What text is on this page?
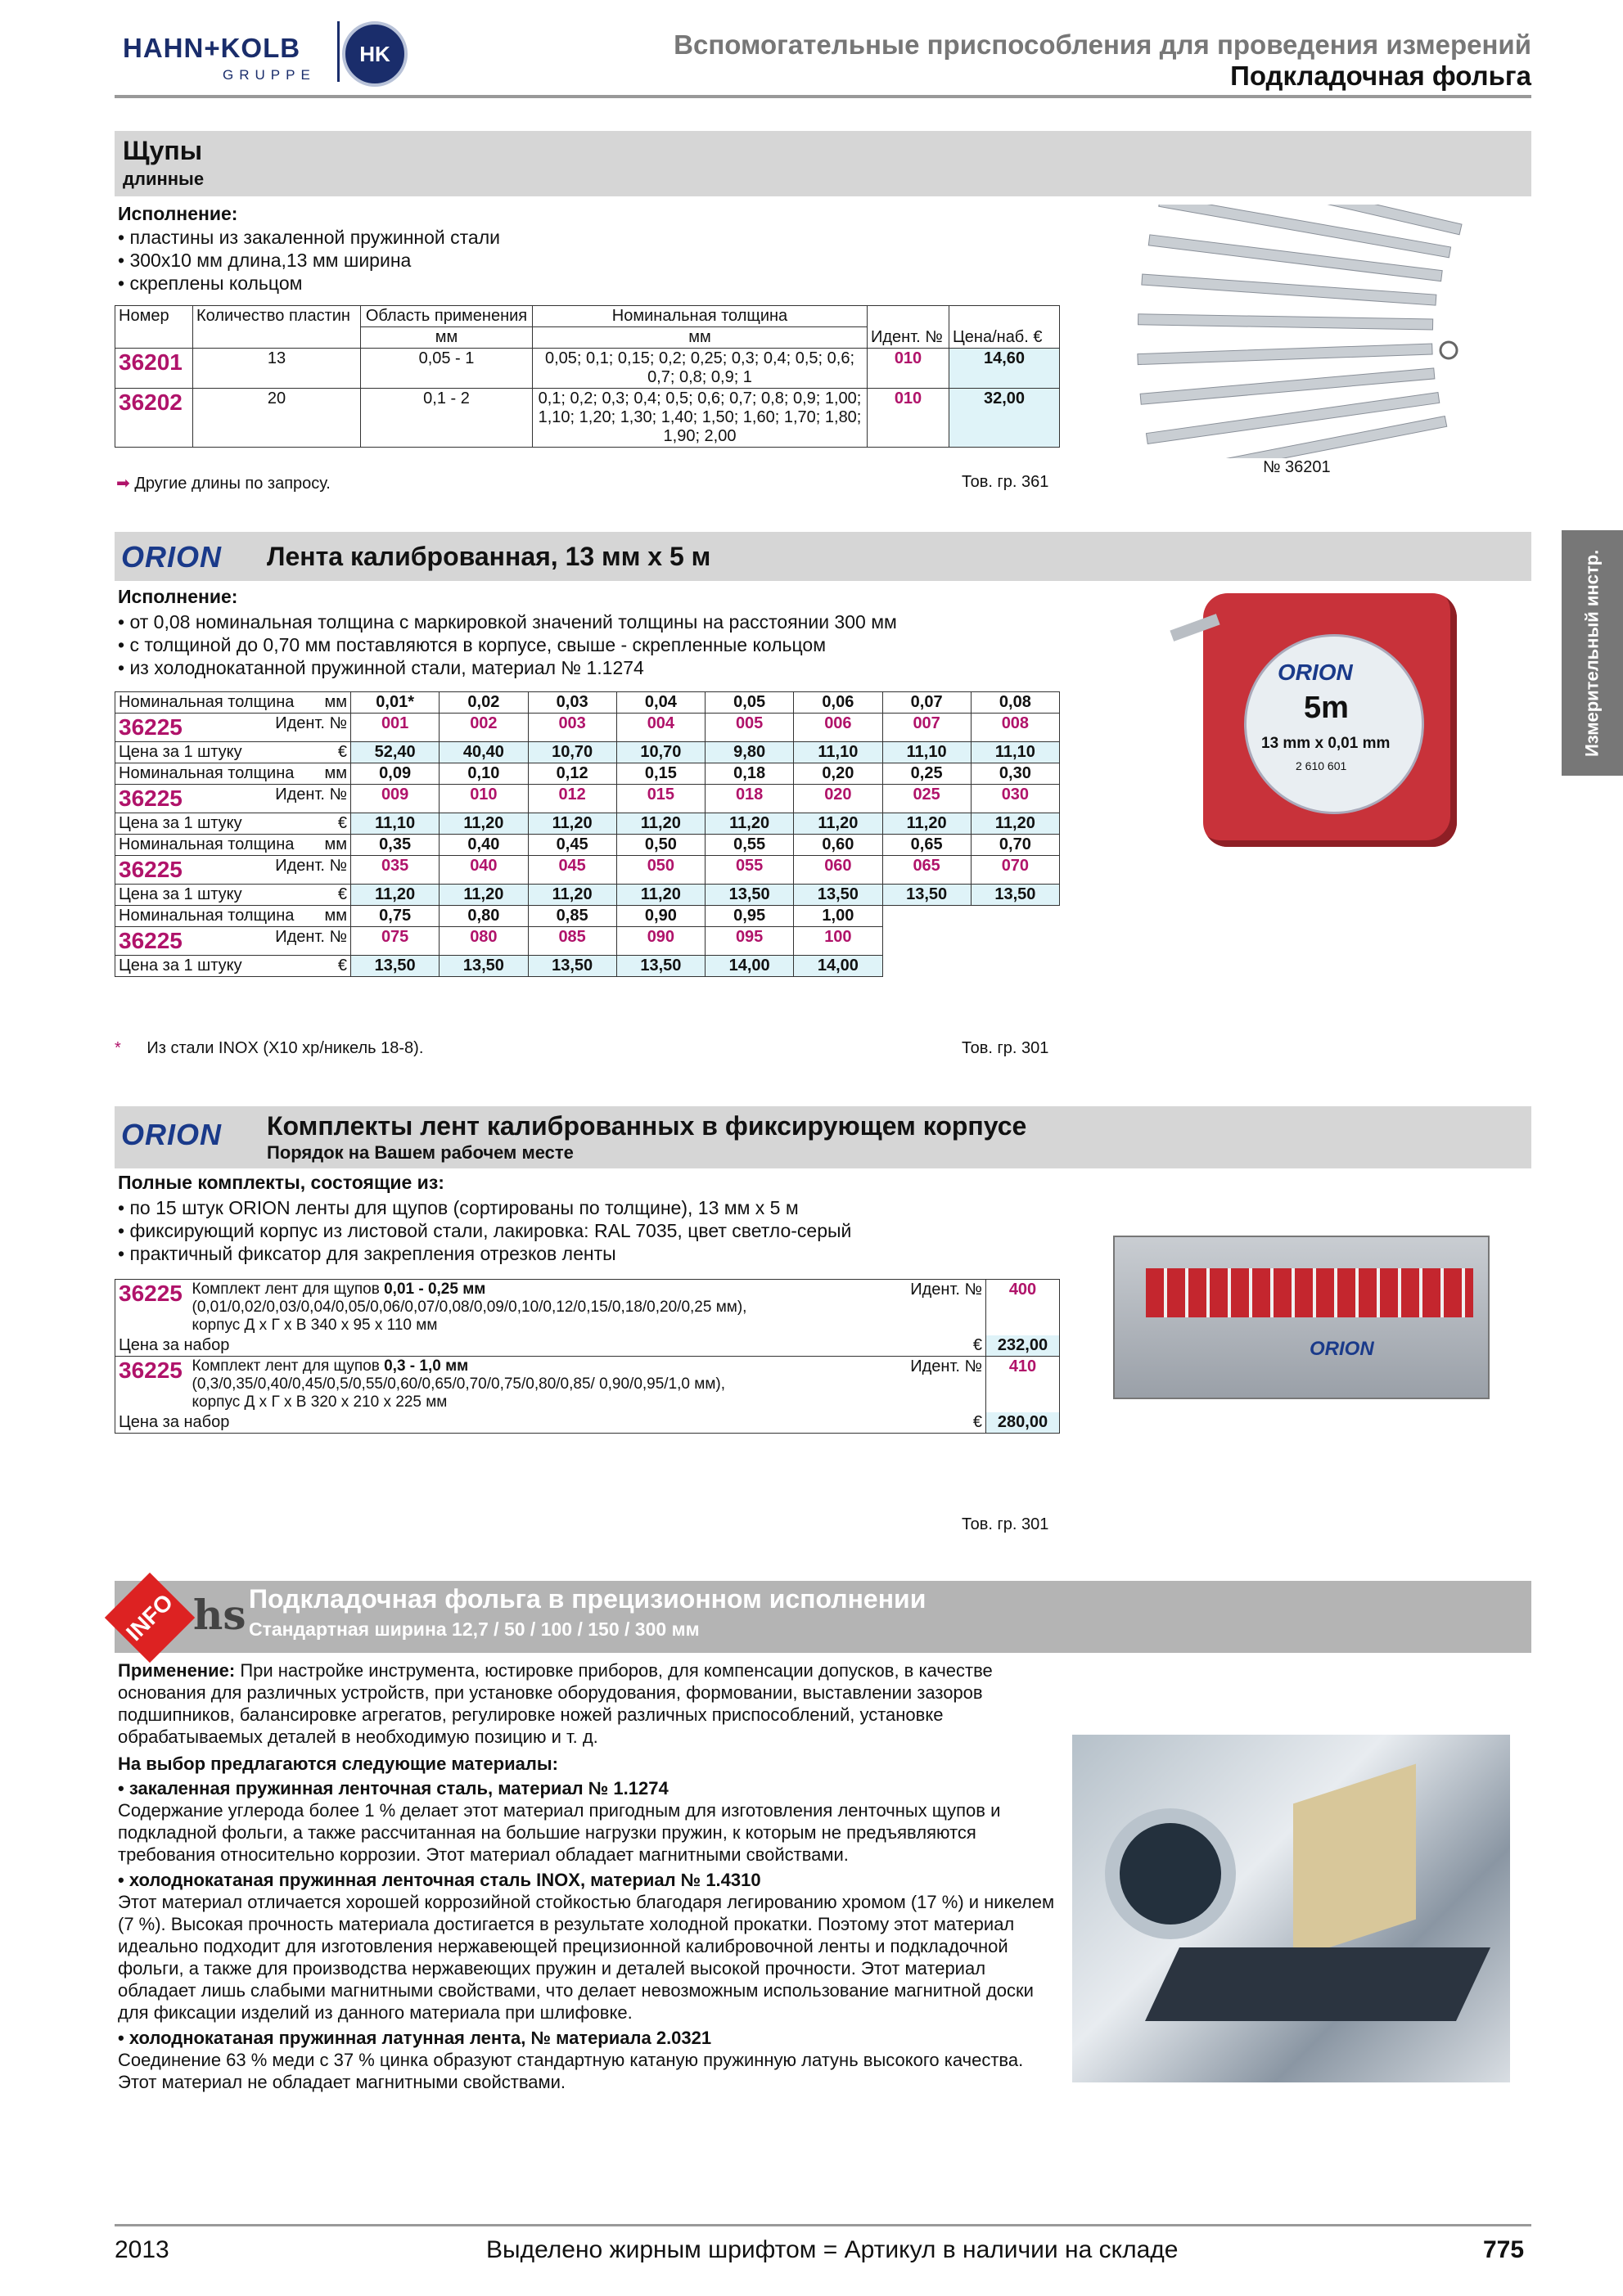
HAHN+KOLB
GRUPPE
HK	Вспомогательные приспособления для проведения измерений
Подкладочная фольга
Измерительный инстр.
Щупы
длинные
Исполнение:
• пластины из закаленной пружинной стали
• 300х10 мм длина,13 мм ширина
• скреплены кольцом
Номер	Количество пластин	Область применения	Номинальная толщина	Идент. №	Цена/наб. €
		мм	мм		
36201	13	0,05 - 1	0,05; 0,1; 0,15; 0,2; 0,25; 0,3; 0,4; 0,5; 0,6; 0,7; 0,8; 0,9; 1	010	14,60
36202	20	0,1 - 2	0,1; 0,2; 0,3; 0,4; 0,5; 0,6; 0,7; 0,8; 0,9; 1,00; 1,10; 1,20; 1,30; 1,40; 1,50; 1,60; 1,70; 1,80; 1,90; 2,00	010	32,00
➡ Другие длины по запросу.	Тов. гр. 361
№ 36201
ORION Лента калиброванная, 13 мм х 5 м
Исполнение:
• от 0,08 номинальная толщина с маркировкой значений толщины на расстоянии 300 мм
• с толщиной до 0,70 мм поставляются в корпусе, свыше - скрепленные кольцом
• из холоднокатанной пружинной стали, материал № 1.1274
Номинальная толщина мм	0,01*	0,02	0,03	0,04	0,05	0,06	0,07	0,08
36225 Идент. №	001	002	003	004	005	006	007	008
Цена за 1 штуку €	52,40	40,40	10,70	10,70	9,80	11,10	11,10	11,10
Номинальная толщина мм	0,09	0,10	0,12	0,15	0,18	0,20	0,25	0,30
36225 Идент. №	009	010	012	015	018	020	025	030
Цена за 1 штуку €	11,10	11,20	11,20	11,20	11,20	11,20	11,20	11,20
Номинальная толщина мм	0,35	0,40	0,45	0,50	0,55	0,60	0,65	0,70
36225 Идент. №	035	040	045	050	055	060	065	070
Цена за 1 штуку €	11,20	11,20	11,20	11,20	13,50	13,50	13,50	13,50
Номинальная толщина мм	0,75	0,80	0,85	0,90	0,95	1,00		
36225 Идент. №	075	080	085	090	095	100		
Цена за 1 штуку €	13,50	13,50	13,50	13,50	14,00	14,00		
* Из стали INOX (X10 хр/никель 18-8).	Тов. гр. 301
ORION
5m
13 mm x 0,01 mm
2 610 601
ORION Комплекты лент калиброванных в фиксирующем корпусе
Порядок на Вашем рабочем месте
Полные комплекты, состоящие из:
• по 15 штук ORION ленты для щупов (сортированы по толщине), 13 мм х 5 м
• фиксирующий корпус из листовой стали, лакировка: RAL 7035, цвет светло-серый
• практичный фиксатор для закрепления отрезков ленты
36225	Комплект лент для щупов 0,01 - 0,25 мм
(0,01/0,02/0,03/0,04/0,05/0,06/0,07/0,08/0,09/0,10/0,12/0,15/0,18/0,20/0,25 мм),
корпус Д х Г х В 340 х 95 х 110 мм	Идент. №	400
Цена за набор €			232,00
36225	Комплект лент для щупов 0,3 - 1,0 мм
(0,3/0,35/0,40/0,45/0,5/0,55/0,60/0,65/0,70/0,75/0,80/0,85/ 0,90/0,95/1,0 мм),
корпус Д х Г х В 320 х 210 х 225 мм	Идент. №	410
Цена за набор €			280,00
Тов. гр. 301
ORION
INFO hs Подкладочная фольга в прецизионном исполнении
Стандартная ширина 12,7 / 50 / 100 / 150 / 300 мм
Применение: При настройке инструмента, юстировке приборов, для компенсации допусков, в качестве основания для различных устройств, при установке оборудования, формовании, выставлении зазоров подшипников, балансировке агрегатов, регулировке ножей различных приспособлений, установке обрабатываемых деталей в необходимую позицию и т. д.
На выбор предлагаются следующие материалы:
• закаленная пружинная ленточная сталь, материал № 1.1274
Содержание углерода более 1 % делает этот материал пригодным для изготовления ленточных щупов и подкладной фольги, а также рассчитанная на большие нагрузки пружин, к которым не предъявляются требования относительно коррозии. Этот материал обладает магнитными свойствами.
• холоднокатаная пружинная ленточная сталь INOX, материал № 1.4310
Этот материал отличается хорошей коррозийной стойкостью благодаря легированию хромом (17 %) и никелем (7 %). Высокая прочность материала достигается в результате холодной прокатки. Поэтому этот материал идеально подходит для изготовления нержавеющей прецизионной калибровочной ленты и подкладочной фольги, а также для производства нержавеющих пружин и деталей высокой прочности. Этот материал обладает лишь слабыми магнитными свойствами, что делает невозможным использование магнитной доски для фиксации изделий из данного материала при шлифовке.
• холоднокатаная пружинная латунная лента, № материала 2.0321
Соединение 63 % меди с 37 % цинка образуют стандартную катаную пружинную латунь высокого качества. Этот материал не обладает магнитными свойствами.
2013	Выделено жирным шрифтом = Артикул в наличии на складе	775
